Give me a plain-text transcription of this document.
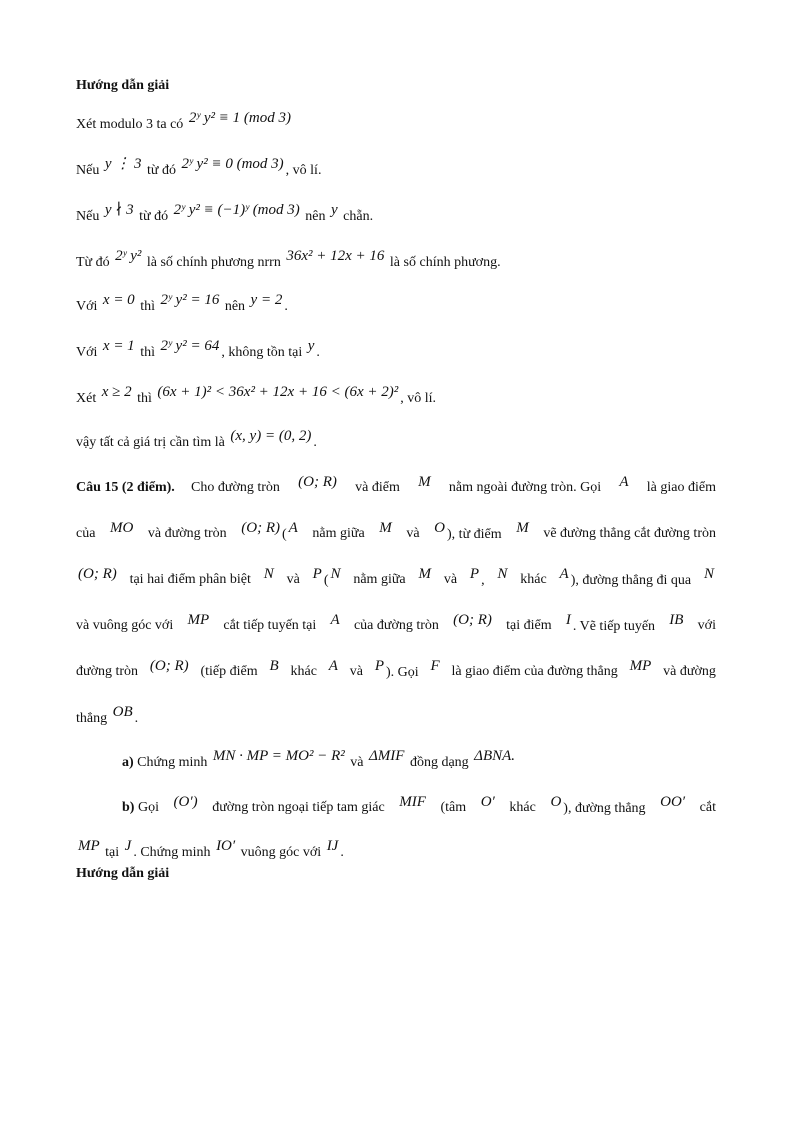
Hướng dẫn giải
Xét modulo 3 ta có 2ʸ y² ≡ 1 (mod 3)
Nếu y ⋮ 3 từ đó 2ʸ y² ≡ 0 (mod 3) , vô lí.
Nếu y ∤ 3 từ đó 2ʸ y² ≡ (−1)ʸ (mod 3) nên y chẵn.
Từ đó 2ʸ y² là số chính phương nrrn 36x² + 12x + 16 là số chính phương.
Với x = 0 thì 2ʸ y² = 16 nên y = 2 .
Với x = 1 thì 2ʸ y² = 64 , không tồn tại y .
Xét x ≥ 2 thì (6x + 1)² < 36x² + 12x + 16 < (6x + 2)² , vô lí.
vậy tất cả giá trị cần tìm là (x, y) = (0, 2) .
Câu 15 (2 điểm). Cho đường tròn (O; R) và điểm M nằm ngoài đường tròn. Gọi A là giao điểm
của MO và đường tròn (O; R) ( A nằm giữa M và O ), từ điểm M vẽ đường thẳng cắt đường tròn
(O; R) tại hai điểm phân biệt N và P ( N nằm giữa M và P , N khác A ), đường thẳng đi qua N
và vuông góc với MP cắt tiếp tuyến tại A của đường tròn (O; R) tại điểm I . Vẽ tiếp tuyến IB với
đường tròn (O; R) (tiếp điểm B khác A và P ). Gọi F là giao điểm của đường thẳng MP và đường
thẳng OB .
a) Chứng minh MN · MP = MO² − R² và ΔMIF đồng dạng ΔBNA.
b) Gọi (O′) đường tròn ngoại tiếp tam giác MIF (tâm O′ khác O ), đường thẳng OO′ cắt
MP tại J . Chứng minh IO′ vuông góc với IJ .
Hướng dẫn giải
